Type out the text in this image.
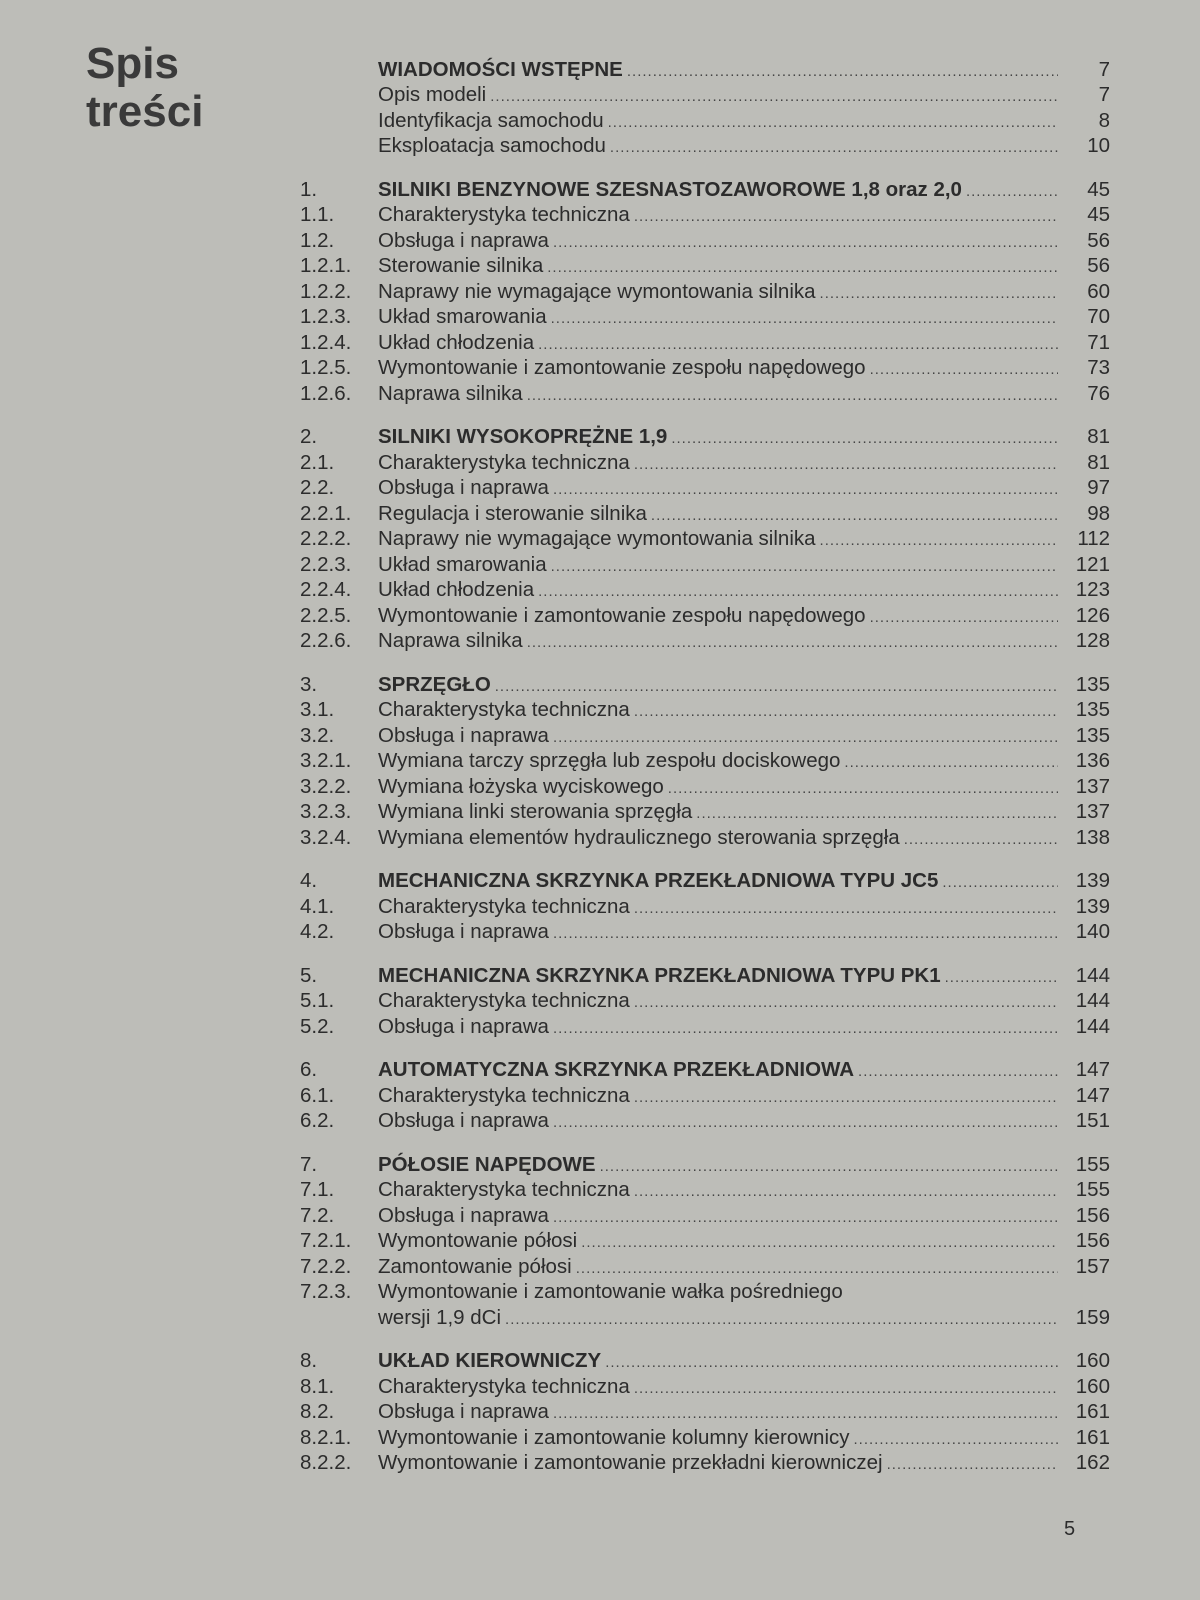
Spis
treści
WIADOMOŚCI WSTĘPNE .....	7
Opis modeli .....	7
Identyfikacja samochodu .....	8
Eksploatacja samochodu .....	10
1.	SILNIKI BENZYNOWE SZESNASTOZAWOROWE 1,8 oraz 2,0 .....	45
1.1.	Charakterystyka techniczna .....	45
1.2.	Obsługa i naprawa .....	56
1.2.1.	Sterowanie silnika .....	56
1.2.2.	Naprawy nie wymagające wymontowania silnika .....	60
1.2.3.	Układ smarowania .....	70
1.2.4.	Układ chłodzenia .....	71
1.2.5.	Wymontowanie i zamontowanie zespołu napędowego .....	73
1.2.6.	Naprawa silnika .....	76
2.	SILNIKI WYSOKOPRĘŻNE 1,9 .....	81
2.1.	Charakterystyka techniczna .....	81
2.2.	Obsługa i naprawa .....	97
2.2.1.	Regulacja i sterowanie silnika .....	98
2.2.2.	Naprawy nie wymagające wymontowania silnika .....	112
2.2.3.	Układ smarowania .....	121
2.2.4.	Układ chłodzenia .....	123
2.2.5.	Wymontowanie i zamontowanie zespołu napędowego .....	126
2.2.6.	Naprawa silnika .....	128
3.	SPRZĘGŁO .....	135
3.1.	Charakterystyka techniczna .....	135
3.2.	Obsługa i naprawa .....	135
3.2.1.	Wymiana tarczy sprzęgła lub zespołu dociskowego .....	136
3.2.2.	Wymiana łożyska wyciskowego .....	137
3.2.3.	Wymiana linki sterowania sprzęgła .....	137
3.2.4.	Wymiana elementów hydraulicznego sterowania sprzęgła .....	138
4.	MECHANICZNA SKRZYNKA PRZEKŁADNIOWA TYPU JC5 .....	139
4.1.	Charakterystyka techniczna .....	139
4.2.	Obsługa i naprawa .....	140
5.	MECHANICZNA SKRZYNKA PRZEKŁADNIOWA TYPU PK1 .....	144
5.1.	Charakterystyka techniczna .....	144
5.2.	Obsługa i naprawa .....	144
6.	AUTOMATYCZNA SKRZYNKA PRZEKŁADNIOWA .....	147
6.1.	Charakterystyka techniczna .....	147
6.2.	Obsługa i naprawa .....	151
7.	PÓŁOSIE NAPĘDOWE .....	155
7.1.	Charakterystyka techniczna .....	155
7.2.	Obsługa i naprawa .....	156
7.2.1.	Wymontowanie półosi .....	156
7.2.2.	Zamontowanie półosi .....	157
7.2.3.	Wymontowanie i zamontowanie wałka pośredniego
wersji 1,9 dCi .....	159
8.	UKŁAD KIEROWNICZY .....	160
8.1.	Charakterystyka techniczna .....	160
8.2.	Obsługa i naprawa .....	161
8.2.1.	Wymontowanie i zamontowanie kolumny kierownicy .....	161
8.2.2.	Wymontowanie i zamontowanie przekładni kierowniczej .....	162
5
